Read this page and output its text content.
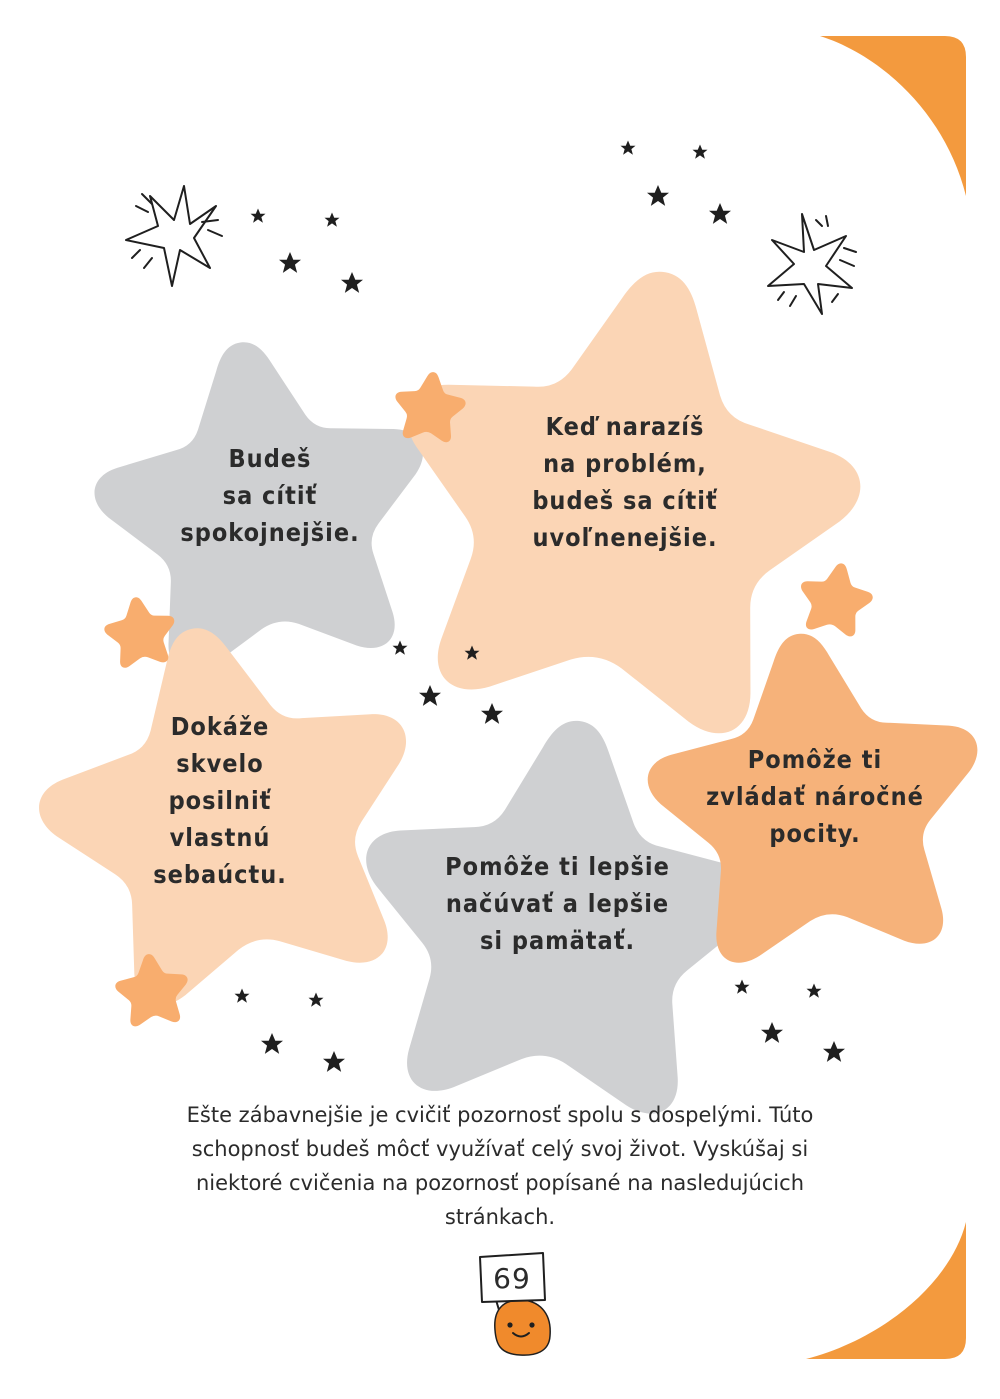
Budeš
sa cítiť
spokojnejšie.
Keď narazíš
na problém,
budeš sa cítiť
uvoľnenejšie.
Dokáže
skvelo
posilniť
vlastnú
sebaúctu.	Pomôže ti lepšie
načúvať a lepšie
si pamätať.
Pomôže ti
zvládať náročné
pocity.
Ešte zábavnejšie je cvičiť pozornosť spolu s dospelými. Túto
schopnosť budeš môcť využívať celý svoj život. Vyskúšaj si
niektoré cvičenia na pozornosť popísané na nasledujúcich
stránkach.
69
